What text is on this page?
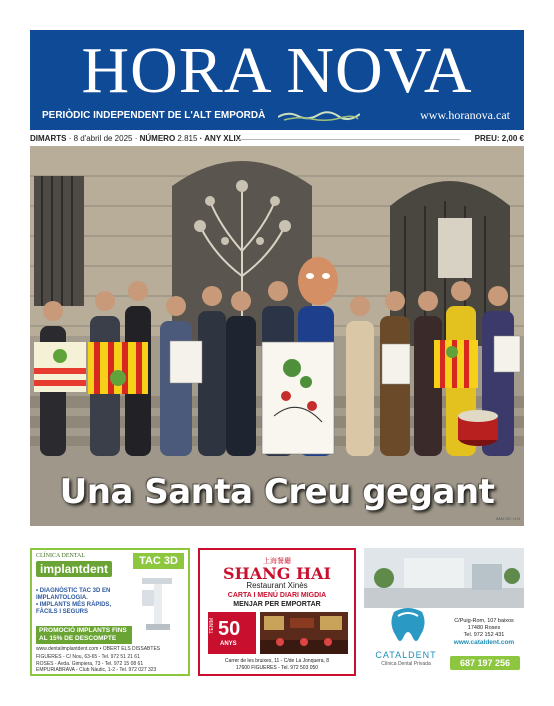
HORA NOVA
PERIÒDIC INDEPENDENT DE L'ALT EMPORDÀ	www.horanova.cat
DIMARTS · 8 d'abril de 2025 · NÚMERO 2.815 · ANY XLIX	PREU: 2,00 €
Una Santa Creu gegant
IMATGE: H.N
CLÍNICA DENTAL
implantdent
TAC 3D
• DIAGNÒSTIC TAC 3D EN IMPLANTOLOGIA.
• IMPLANTS MÉS RÀPIDS, FÀCILS I SEGURS
PROMOCIÓ IMPLANTS FINS AL 15% DE DESCOMPTE
www.dentalimplantdent.com • OBERT ELS DISSABTES
FIGUERES - C/ Nou, 63-65 - Tel. 972 51 21 61
ROSES - Avda. Gimpiera, 73 - Tel. 972 15 08 61
EMPURIABRAVA - Club Nàutic, 1-2 - Tel. 972 027 323
上海餐廳
SHANG HAI
Restaurant Xinès
CARTA I MENÚ DIARI MIGDIA
MENJAR PER EMPORTAR
TENIM 50
ANYS
Carrer de les bruixes, 11 - C/de La Jonquera, 8
17600 FIGUERES - Tel. 972 503 050
C/Puig-Rom, 107 baixos
17480 Roses
Tel. 972 152 431
www.cataldent.com
CATALDENT
Clínica Dental Privada	687 197 256
